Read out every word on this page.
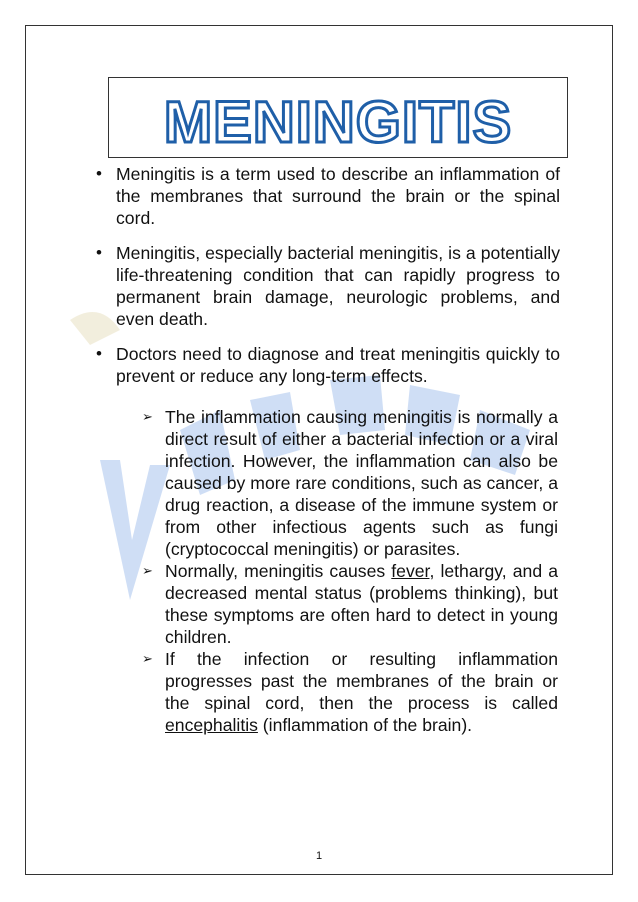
MENINGITIS
• Meningitis is a term used to describe an inflammation of the membranes that surround the brain or the spinal cord.
• Meningitis, especially bacterial meningitis, is a potentially life-threatening condition that can rapidly progress to permanent brain damage, neurologic problems, and even death.
• Doctors need to diagnose and treat meningitis quickly to prevent or reduce any long-term effects.
➢ The inflammation causing meningitis is normally a direct result of either a bacterial infection or a viral infection. However, the inflammation can also be caused by more rare conditions, such as cancer, a drug reaction, a disease of the immune system or from other infectious agents such as fungi (cryptococcal meningitis) or parasites.
➢ Normally, meningitis causes fever, lethargy, and a decreased mental status (problems thinking), but these symptoms are often hard to detect in young children.
➢ If the infection or resulting inflammation progresses past the membranes of the brain or the spinal cord, then the process is called encephalitis (inflammation of the brain).
1
